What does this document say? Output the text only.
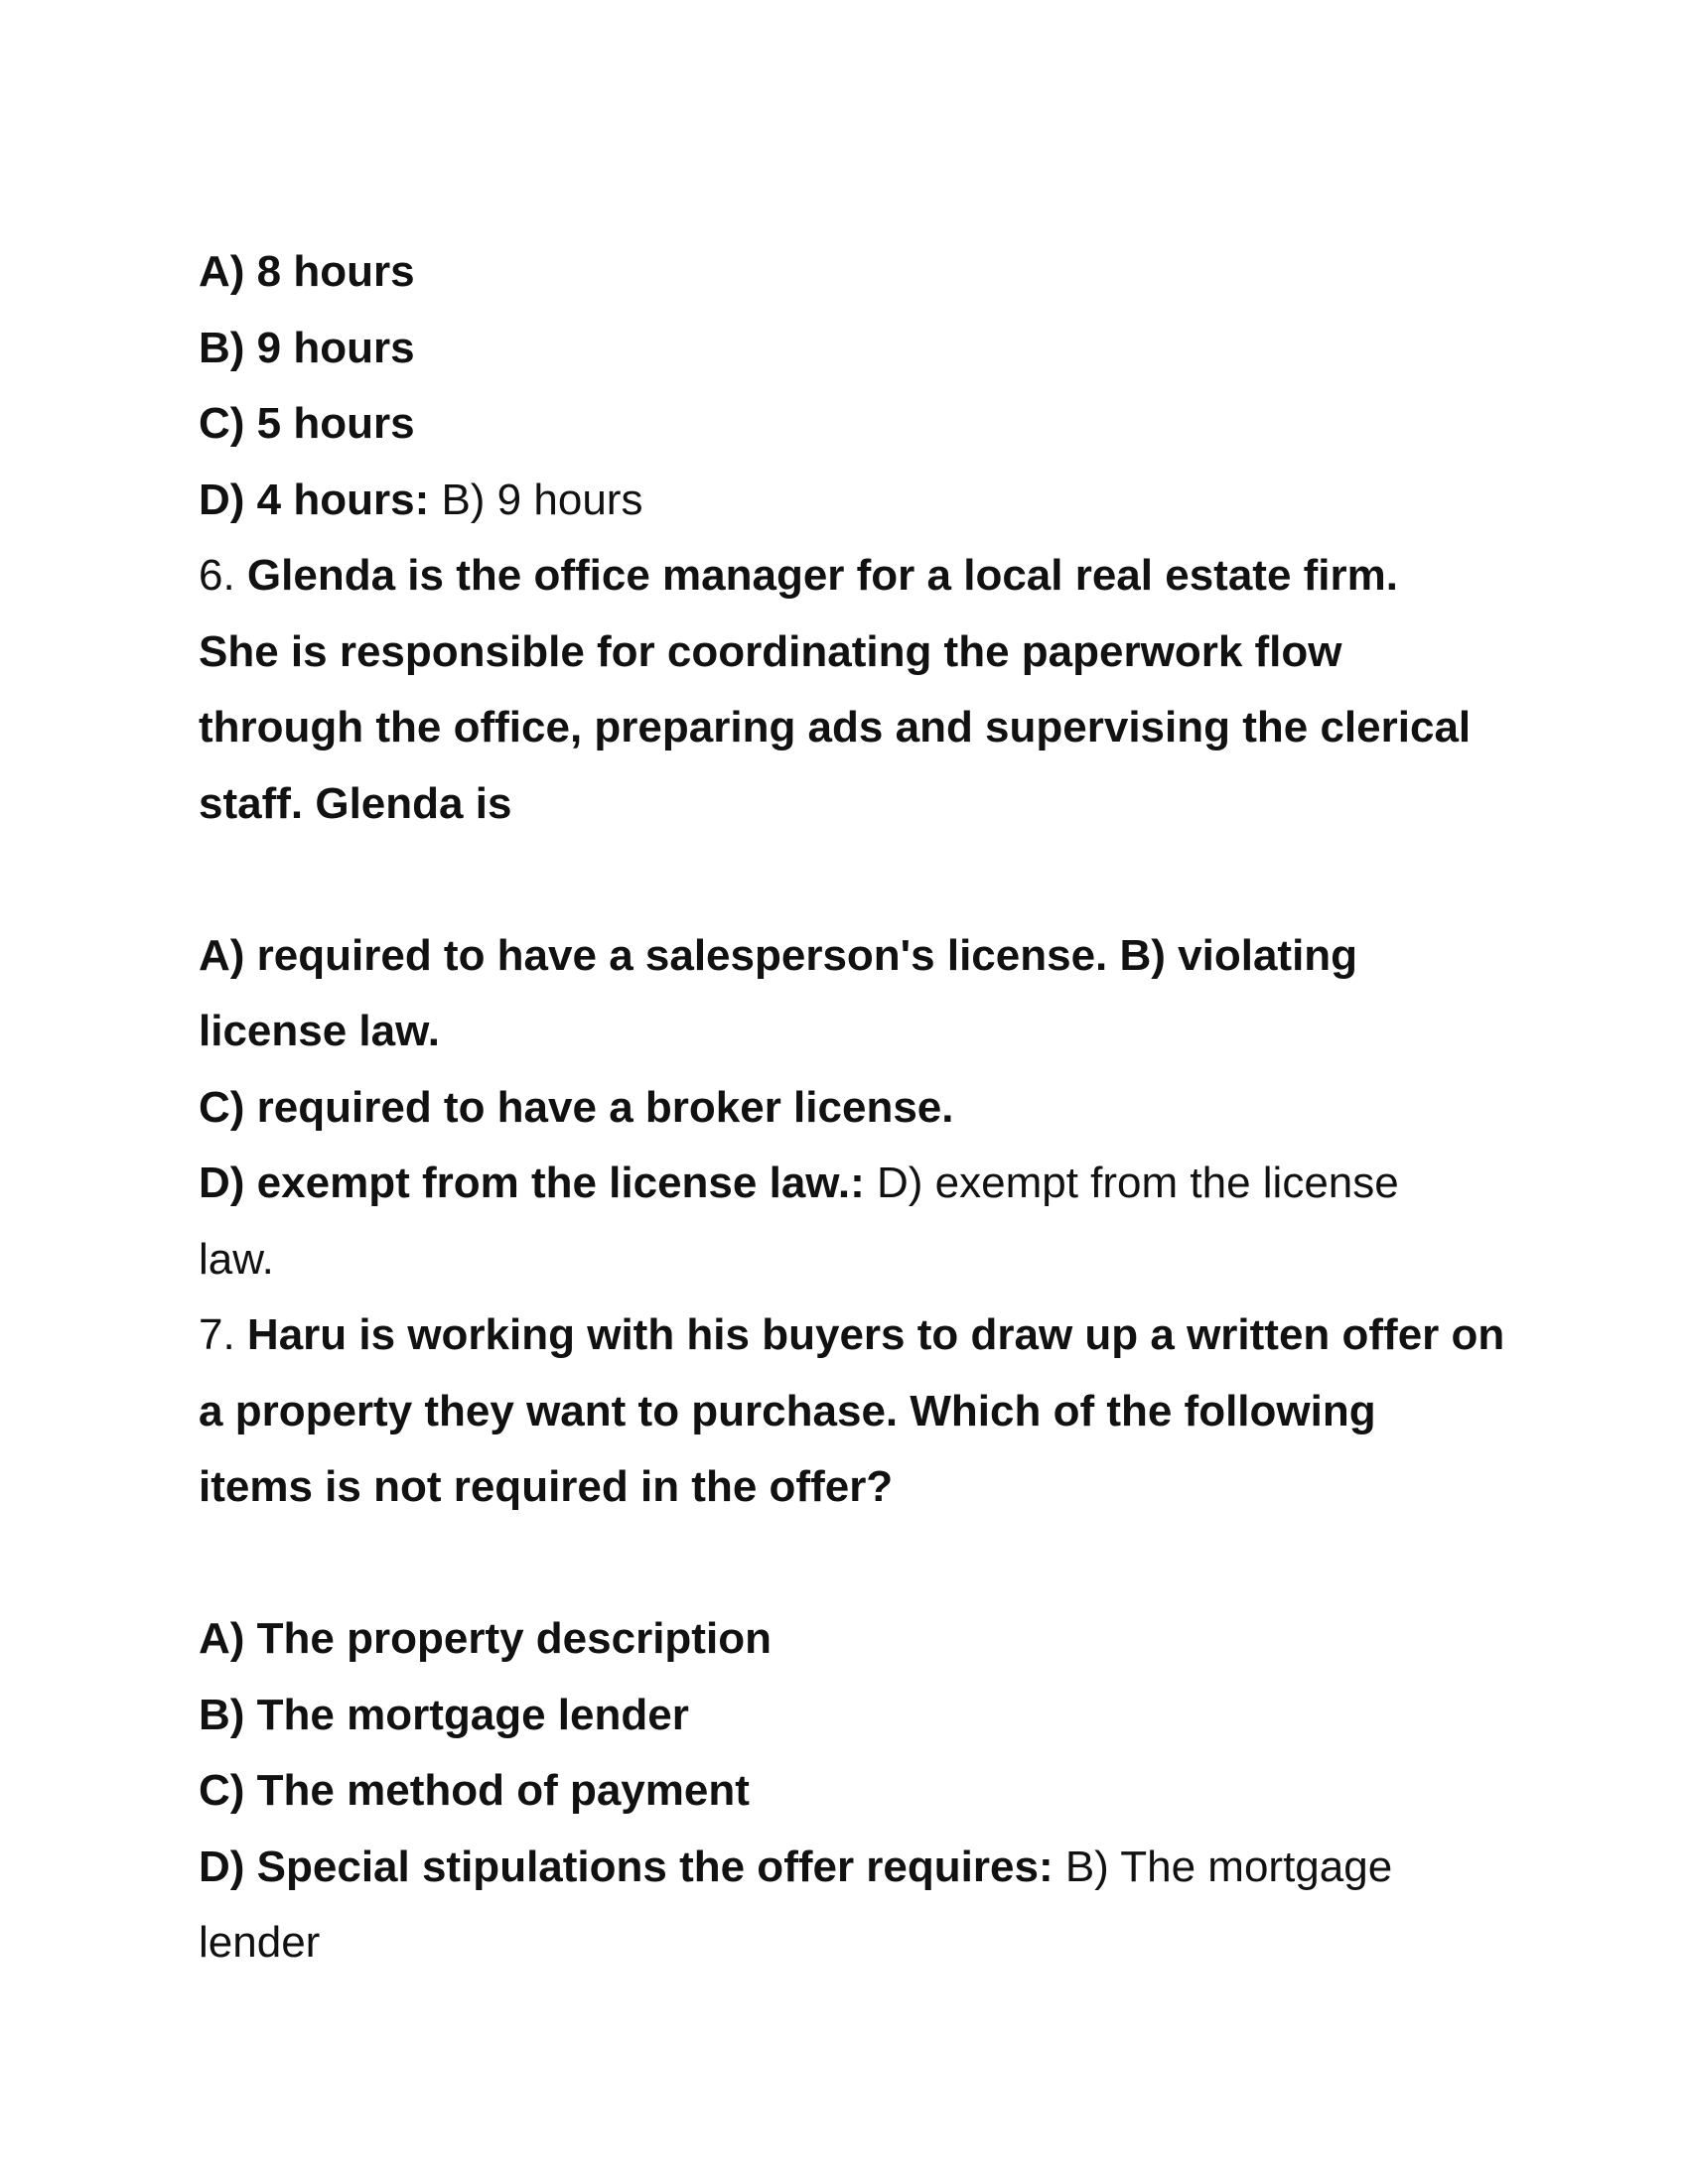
A) 8 hours
B) 9 hours
C) 5 hours
D) 4 hours: B) 9 hours
6. Glenda is the office manager for a local real estate firm.
She is responsible for coordinating the paperwork flow
through the office, preparing ads and supervising the clerical
staff. Glenda is
A) required to have a salesperson's license. B) violating
license law.
C) required to have a broker license.
D) exempt from the license law.: D) exempt from the license
law.
7. Haru is working with his buyers to draw up a written offer on
a property they want to purchase. Which of the following
items is not required in the offer?
A) The property description
B) The mortgage lender
C) The method of payment
D) Special stipulations the offer requires: B) The mortgage
lender
